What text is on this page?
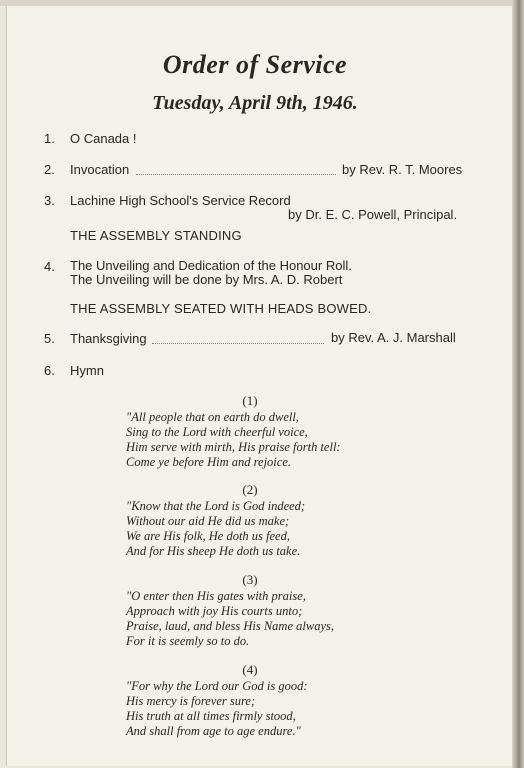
Order of Service
Tuesday, April 9th, 1946.
1. O Canada !
2. Invocation	by Rev. R. T. Moores
3. Lachine High School's Service Record
by Dr. E. C. Powell, Principal.
THE ASSEMBLY STANDING
4. The Unveiling and Dedication of the Honour Roll.
The Unveiling will be done by Mrs. A. D. Robert
THE ASSEMBLY SEATED WITH HEADS BOWED.
5. Thanksgiving	by Rev. A. J. Marshall
6. Hymn
(1)
"All people that on earth do dwell,
Sing to the Lord with cheerful voice,
Him serve with mirth, His praise forth tell:
Come ye before Him and rejoice.
(2)
"Know that the Lord is God indeed;
Without our aid He did us make;
We are His folk, He doth us feed,
And for His sheep He doth us take.
(3)
"O enter then His gates with praise,
Approach with joy His courts unto;
Praise, laud, and bless His Name always,
For it is seemly so to do.
(4)
"For why the Lord our God is good:
His mercy is forever sure;
His truth at all times firmly stood,
And shall from age to age endure."
